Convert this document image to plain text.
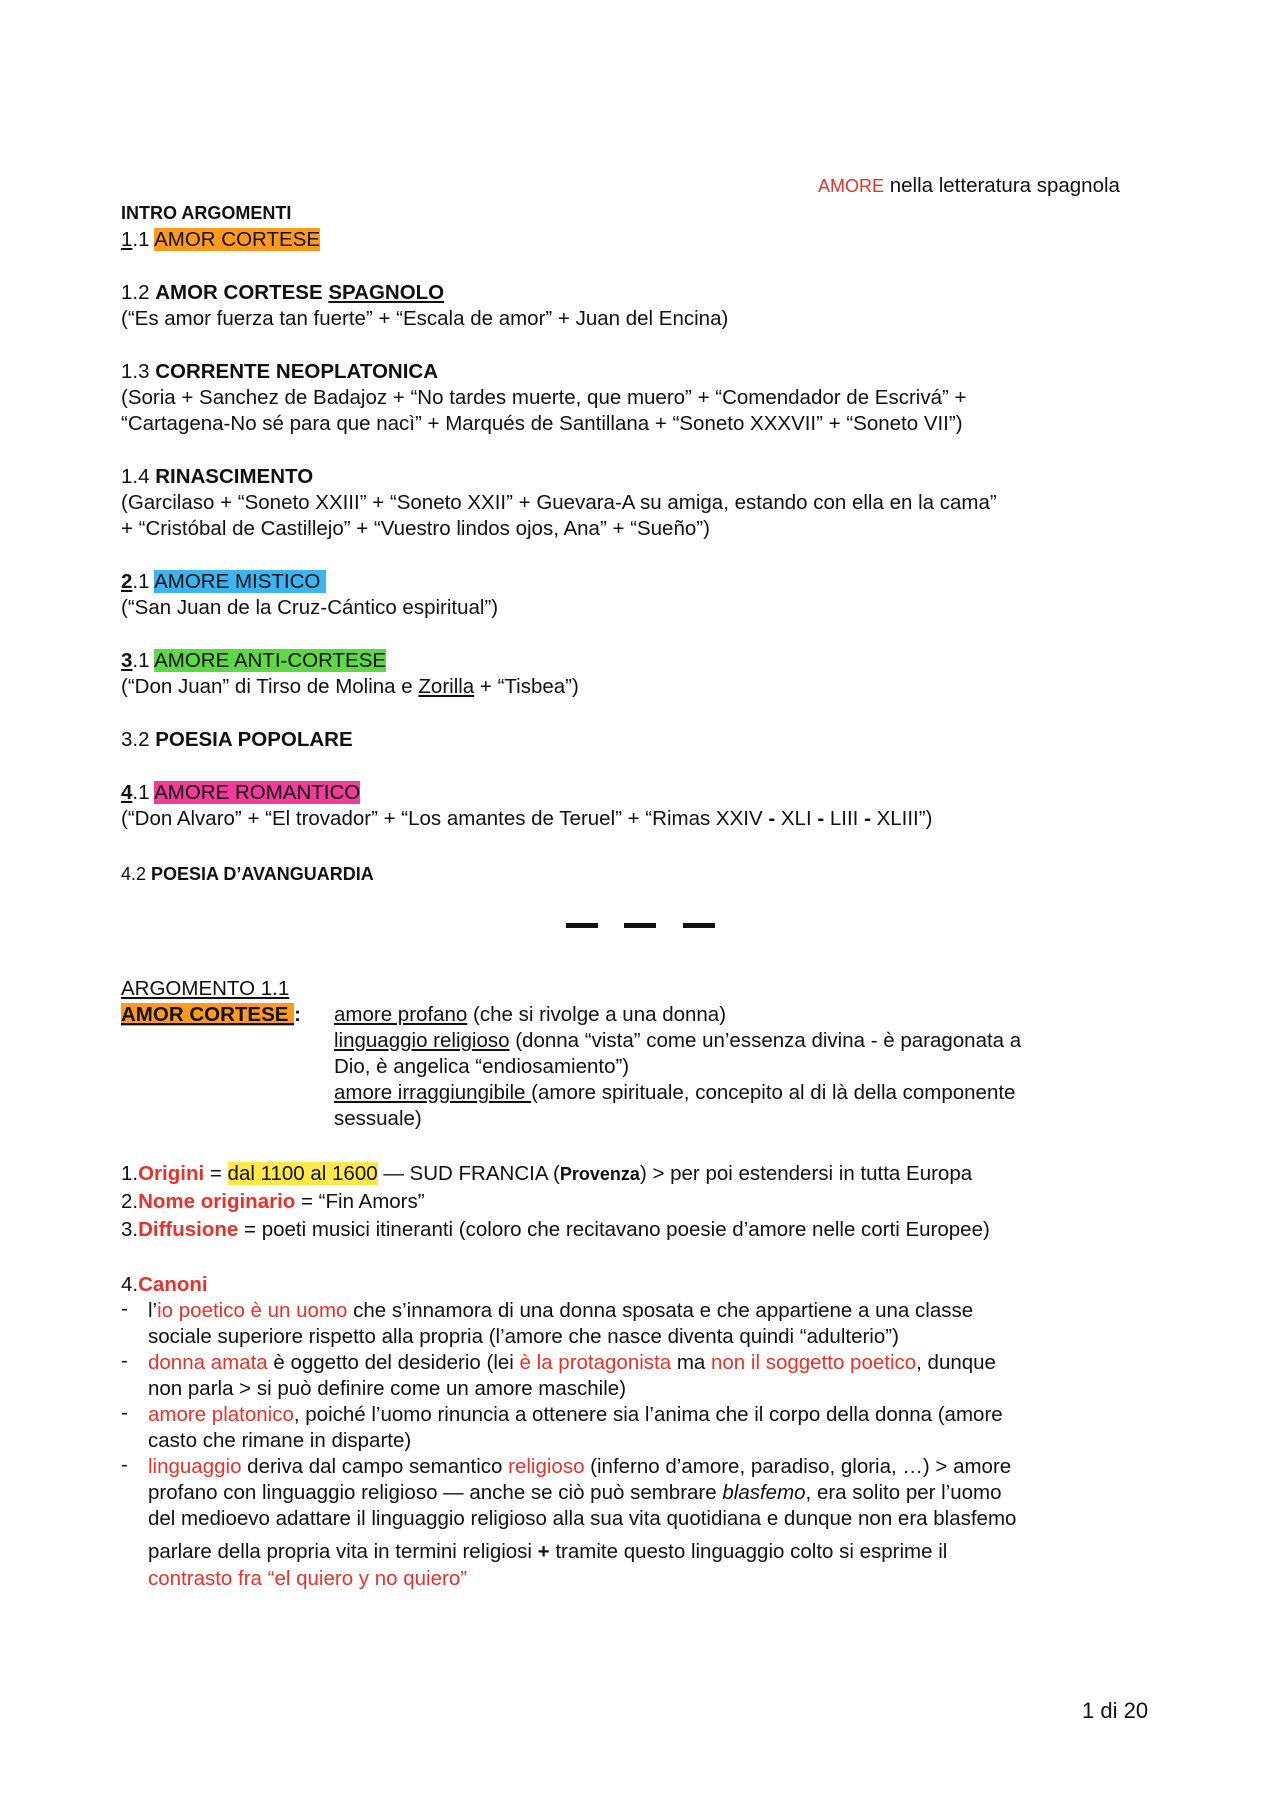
AMORE nella letteratura spagnola
INTRO ARGOMENTI
1.1 AMOR CORTESE
1.2 AMOR CORTESE SPAGNOLO
(“Es amor fuerza tan fuerte” + “Escala de amor” + Juan del Encina)
1.3 CORRENTE NEOPLATONICA
(Soria + Sanchez de Badajoz + “No tardes muerte, que muero” + “Comendador de Escrivá” +
“Cartagena-No sé para que nacì” + Marqués de Santillana + “Soneto XXXVII” + “Soneto VII”)
1.4 RINASCIMENTO
(Garcilaso + “Soneto XXIII” + “Soneto XXII” + Guevara-A su amiga, estando con ella en la cama”
+ “Cristóbal de Castillejo” + “Vuestro lindos ojos, Ana” + “Sueño”)
2.1 AMORE MISTICO
(“San Juan de la Cruz-Cántico espiritual”)
3.1 AMORE ANTI-CORTESE
(“Don Juan” di Tirso de Molina e Zorilla + “Tisbea”)
3.2 POESIA POPOLARE
4.1 AMORE ROMANTICO
(“Don Alvaro” + “El trovador” + “Los amantes de Teruel” + “Rimas XXIV - XLI - LIII - XLIII”)
4.2 POESIA D’AVANGUARDIA
ARGOMENTO 1.1
AMOR CORTESE : amore profano (che si rivolge a una donna)
linguaggio religioso (donna “vista” come un’essenza divina - è paragonata a
Dio, è angelica “endiosamiento”)
amore irraggiungibile (amore spirituale, concepito al di là della componente
sessuale)
1.Origini = dal 1100 al 1600 — SUD FRANCIA (Provenza) > per poi estendersi in tutta Europa
2.Nome originario = “Fin Amors”
3.Diffusione = poeti musici itineranti (coloro che recitavano poesie d’amore nelle corti Europee)
4.Canoni
- l’io poetico è un uomo che s’innamora di una donna sposata e che appartiene a una classe
sociale superiore rispetto alla propria (l’amore che nasce diventa quindi “adulterio”)
- donna amata è oggetto del desiderio (lei è la protagonista ma non il soggetto poetico, dunque
non parla > si può definire come un amore maschile)
- amore platonico, poiché l’uomo rinuncia a ottenere sia l’anima che il corpo della donna (amore
casto che rimane in disparte)
- linguaggio deriva dal campo semantico religioso (inferno d’amore, paradiso, gloria, …) > amore
profano con linguaggio religioso — anche se ciò può sembrare blasfemo, era solito per l’uomo
del medioevo adattare il linguaggio religioso alla sua vita quotidiana e dunque non era blasfemo
parlare della propria vita in termini religiosi + tramite questo linguaggio colto si esprime il
contrasto fra “el quiero y no quiero”
1 di 20
